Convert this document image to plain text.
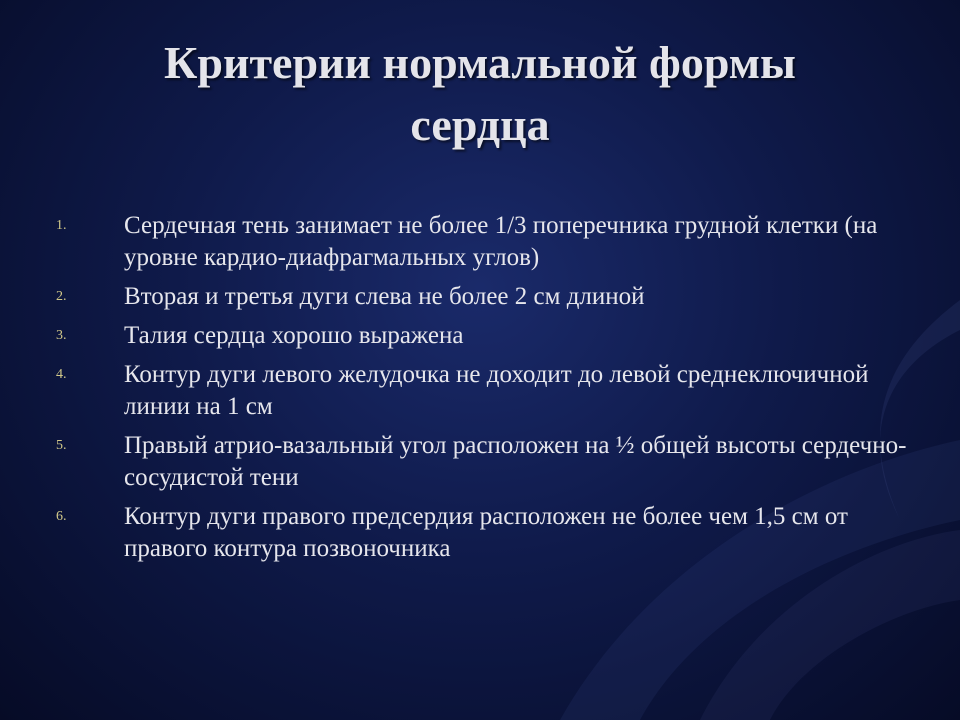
Критерии нормальной формы
сердца
1. Сердечная тень занимает не более 1/3 поперечника грудной клетки (на уровне кардио-диафрагмальных углов)
2. Вторая и третья дуги слева не более 2 см длиной
3. Талия сердца хорошо выражена
4. Контур дуги левого желудочка не доходит до левой среднеключичной линии на 1 см
5. Правый атрио-вазальный угол расположен на ½ общей высоты сердечно-сосудистой тени
6. Контур дуги правого предсердия расположен не более чем 1,5 см от правого контура позвоночника
